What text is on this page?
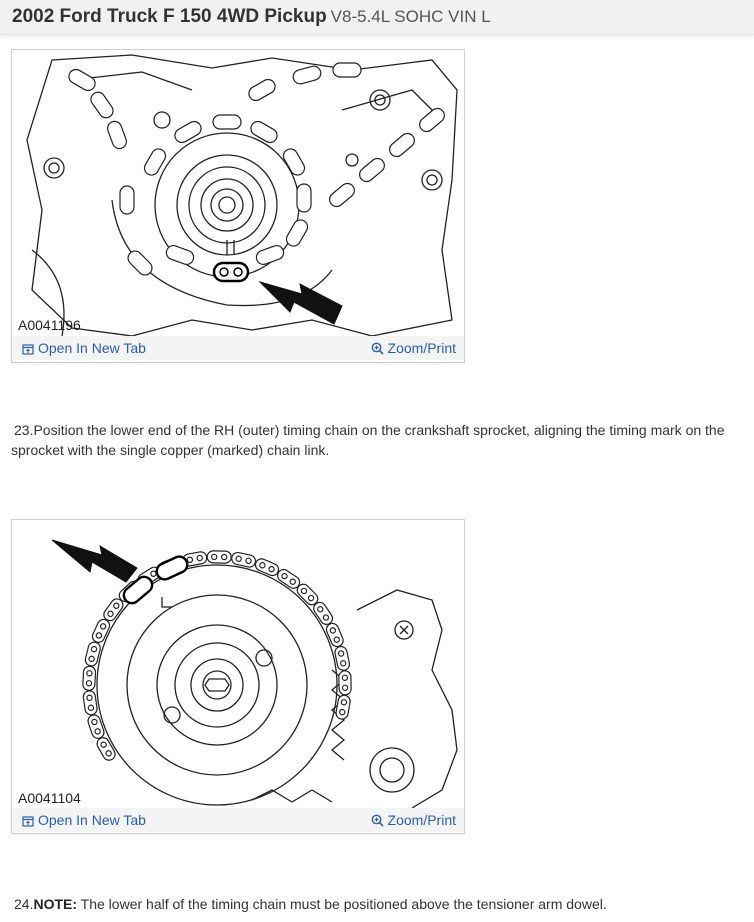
2002 Ford Truck F 150 4WD Pickup V8-5.4L SOHC VIN L
A0041196
Open In New Tab	Zoom/Print
23.Position the lower end of the RH (outer) timing chain on the crankshaft sprocket, aligning the timing mark on the sprocket with the single copper (marked) chain link.
A0041104
Open In New Tab	Zoom/Print
24.NOTE: The lower half of the timing chain must be positioned above the tensioner arm dowel.
